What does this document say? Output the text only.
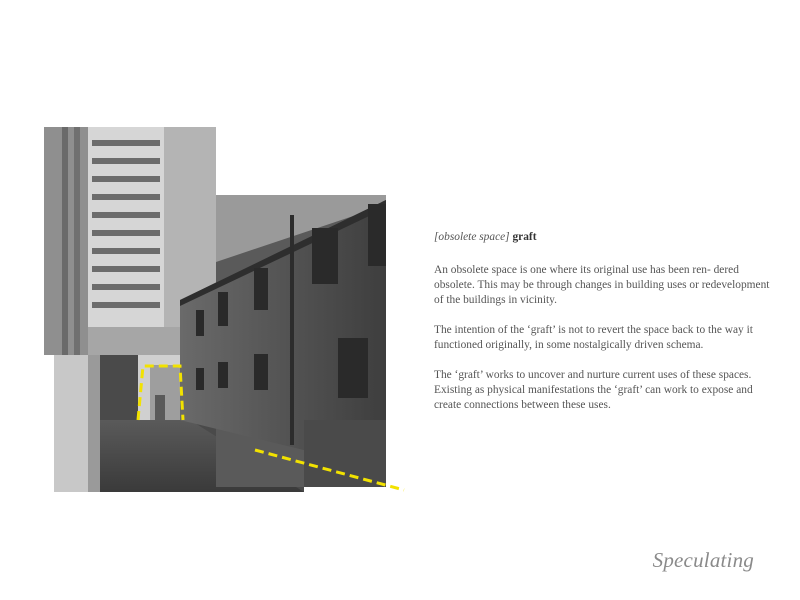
[obsolete space] graft

An obsolete space is one where its original use has been ren- dered obsolete. This may be through changes in building uses or redevelopment of the buildings in vicinity.

The intention of the ‘graft’ is not to revert the space back to the way it functioned originally, in some nostalgically driven schema.

The ‘graft’ works to uncover and nurture current uses of these spaces. Existing as physical manifestations the ‘graft’ can work to expose and create connections between these uses.

Speculating
